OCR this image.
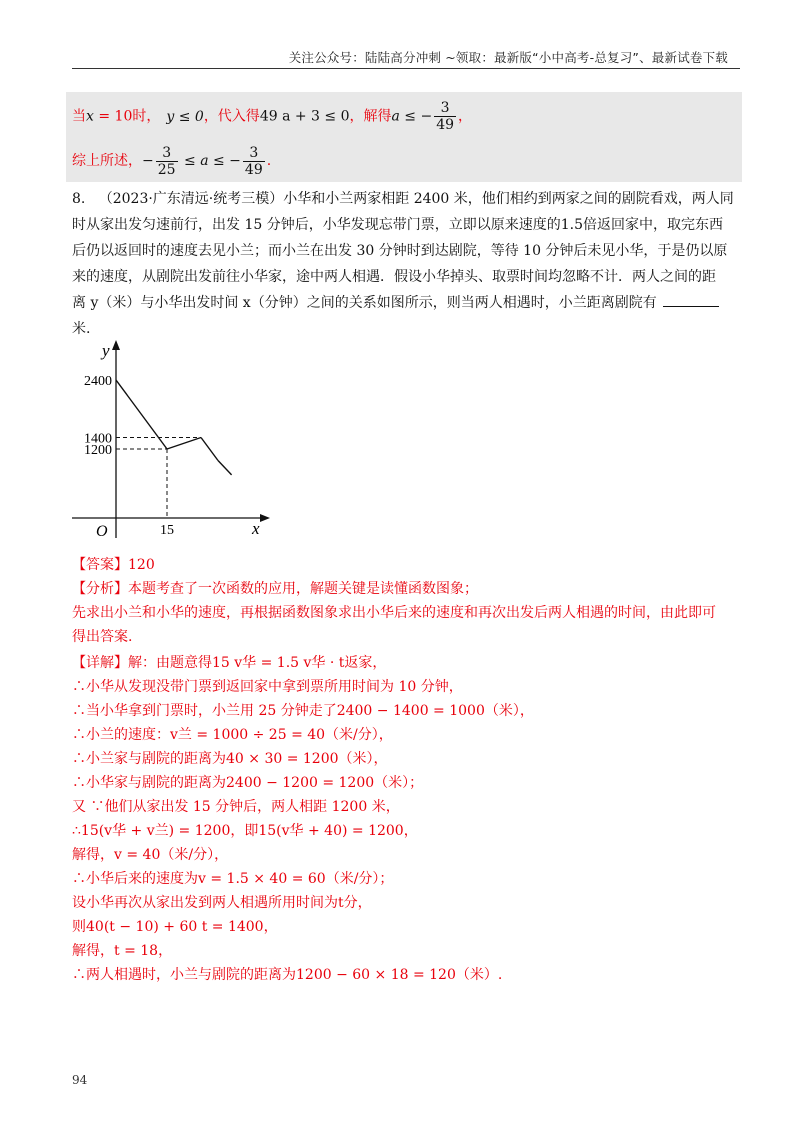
关注公众号：陆陆高分冲刺 ~领取：最新版“小中高考-总复习”、最新试卷下载
当x = 10时， y ≤ 0，代入得49 a + 3 ≤ 0，解得a ≤ − $\frac{3}{49}$ ，
综上所述，− $\frac{3}{25} \le a$ ≤ − $\frac{3}{49}$ .
8. （2023·广东清远·统考三模）小华和小兰两家相距 2400 米，他们相约到两家之间的剧院看戏，两人同
时从家出发匀速前行，出发 15 分钟后，小华发现忘带门票，立即以原来速度的1.5倍返回家中，取完东西
后仍以返回时的速度去见小兰；而小兰在出发 30 分钟时到达剧院，等待 10 分钟后未见小华，于是仍以原
来的速度，从剧院出发前往小华家，途中两人相遇．假设小华掉头、取票时间均忽略不计．两人之间的距
离 y（米）与小华出发时间 x（分钟）之间的关系如图所示，则当两人相遇时，小兰距离剧院有
米.
y
x
O
2400
1400
1200
15
【答案】120
【分析】本题考查了一次函数的应用，解题关键是读懂函数图象；
先求出小兰和小华的速度，再根据函数图象求出小华后来的速度和再次出发后两人相遇的时间，由此即可
得出答案.
【详解】解：由题意得15 v华 = 1.5 v华 · t返家，
∴小华从发现没带门票到返回家中拿到票所用时间为 10 分钟，
∴当小华拿到门票时，小兰用 25 分钟走了2400 − 1400 = 1000（米），
∴小兰的速度：v兰 = 1000 ÷ 25 = 40（米/分），
∴小兰家与剧院的距离为40 × 30 = 1200（米），
∴小华家与剧院的距离为2400 − 1200 = 1200（米）；
又 ∵他们从家出发 15 分钟后，两人相距 1200 米，
∴15(v华 + v兰) = 1200，即15(v华 + 40) = 1200，
解得，v = 40（米/分），
∴小华后来的速度为v = 1.5 × 40 = 60（米/分）；
设小华再次从家出发到两人相遇所用时间为t分，
则40(t − 10) + 60 t = 1400，
解得，t = 18，
∴两人相遇时，小兰与剧院的距离为1200 − 60 × 18 = 120（米）.
94
